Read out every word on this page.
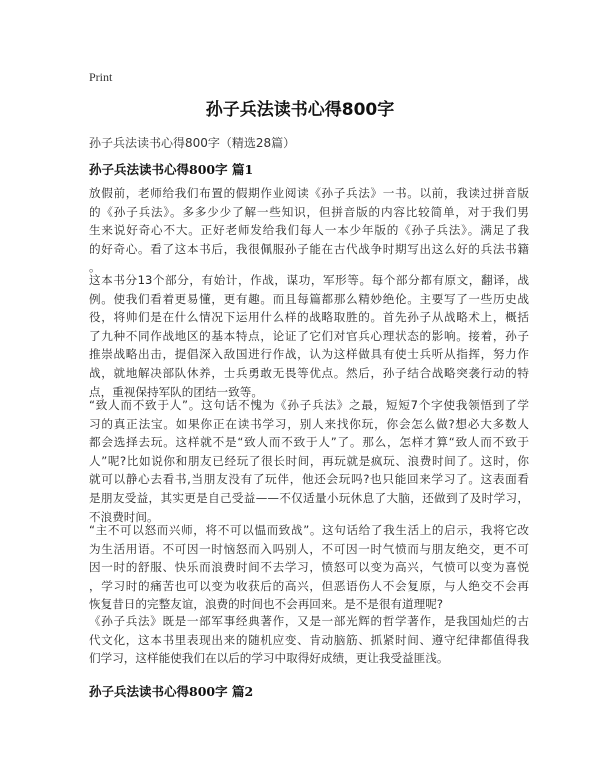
Print
孙子兵法读书心得800字
孙子兵法读书心得800字（精选28篇）
孙子兵法读书心得800字 篇1
放假前，老师给我们布置的假期作业阅读《孙子兵法》一书。以前，我读过拼音版
的《孙子兵法》。多多少少了解一些知识，但拼音版的内容比较简单，对于我们男
生来说好奇心不大。正好老师发给我们每人一本少年版的《孙子兵法》。满足了我
的好奇心。看了这本书后，我很佩服孙子能在古代战争时期写出这么好的兵法书籍
。
这本书分13个部分，有始计，作战，谋功，军形等。每个部分都有原文，翻译，战
例。使我们看着更易懂，更有趣。而且每篇都那么精妙绝伦。主要写了一些历史战
役，将帅们是在什么情况下运用什么样的战略取胜的。首先孙子从战略术上，概括
了九种不同作战地区的基本特点，论证了它们对官兵心理状态的影响。接着，孙子
推崇战略出击，提倡深入敌国进行作战，认为这样做具有使士兵听从指挥，努力作
战，就地解决部队休养，士兵勇敢无畏等优点。然后，孙子结合战略突袭行动的特
点，重视保持军队的团结一致等。
“致人而不致于人”。这句话不愧为《孙子兵法》之最，短短7个字使我领悟到了学
习的真正法宝。如果你正在读书学习，别人来找你玩，你会怎么做?想必大多数人
都会选择去玩。这样就不是“致人而不致于人”了。那么，怎样才算“致人而不致于
人”呢?比如说你和朋友已经玩了很长时间，再玩就是疯玩、浪费时间了。这时，你
就可以静心去看书,当朋友没有了玩伴，他还会玩吗?也只能回来学习了。这表面看
是朋友受益，其实更是自己受益——不仅适量小玩休息了大脑，还做到了及时学习，
不浪费时间。
“主不可以怒而兴师，将不可以愠而致战”。这句话给了我生活上的启示，我将它改
为生活用语。不可因一时恼怒而入吗别人，不可因一时气愤而与朋友绝交，更不可
因一时的舒服、快乐而浪费时间不去学习，愤怒可以变为高兴，气愤可以变为喜悦
，学习时的痛苦也可以变为收获后的高兴，但恶语伤人不会复原，与人绝交不会再
恢复昔日的完整友谊，浪费的时间也不会再回来。是不是很有道理呢?
《孙子兵法》既是一部军事经典著作，又是一部光辉的哲学著作，是我国灿烂的古
代文化，这本书里表现出来的随机应变、肯动脑筋、抓紧时间、遵守纪律都值得我
们学习，这样能使我们在以后的学习中取得好成绩，更让我受益匪浅。
孙子兵法读书心得800字 篇2
